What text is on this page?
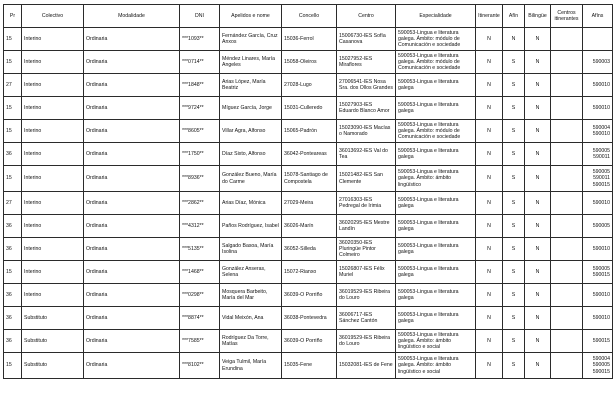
Pr	Colectivo	Modalidade	DNI	Apelidos e nome	Concello	Centro	Especialidade	Itinerante	Afín	Bilingüe	Centros itinerantes	Afíns

15	Interino	Ordinaria	***1093**	Fernández García, Cruz Anxos	15036-Ferrol	15006730-IES Sofía Casanova	590053-Lingua e literatura galega. Ámbito: módulo de Comunicación e sociedade	N	N	N		

15	Interino	Ordinaria	***0714**	Méndez Linares, María Angeles	15058-Oleiros	15027952-IES Miraflores	590053-Lingua e literatura galega. Ámbito: módulo de Comunicación e sociedade	N	S	N		590003

27	Interino	Ordinaria	***1848**	Arias López, María Beatriz	27028-Lugo	27006541-IES Nosa Sra. dos Ollos Grandes	590053-Lingua e literatura galega	N	S	N		590010

15	Interino	Ordinaria	***9724**	Míguez García, Jorge	15031-Culleredo	15027903-IES Eduardo Blanco Amor	590053-Lingua e literatura galega	N	S	N		590010

15	Interino	Ordinaria	***8605**	Villar Agra, Alfonso	15065-Padrón	15023090-IES Macías o Namorado	590053-Lingua e literatura galega. Ámbito: módulo de Comunicación e sociedade	N	S	N		590004
590010

36	Interino	Ordinaria	***1750**	Díaz Sixto, Alfonso	36042-Ponteareas	36013692-IES Val do Tea	590053-Lingua e literatura galega	N	S	N		590005
590011

15	Interino	Ordinaria	***8936**	González Bueno, María do Carme	15078-Santiago de Compostela	15021482-IES San Clemente	590053-Lingua e literatura galega. Ámbito: ámbito lingüístico	N	S	N		590005
590011
590015

27	Interino	Ordinaria	***2862**	Arias Díaz, Mónica	27029-Meira	27016303-IES Pedregal de Irimia	590053-Lingua e literatura galega	N	S	N		590010

36	Interino	Ordinaria	***4312**	Paños Rodríguez, Isabel	36026-Marín	36020295-IES Mestre Landín	590053-Lingua e literatura galega	N	S	N		590005

36	Interino	Ordinaria	***5135**	Salgado Basoa, María Isolina	36052-Silleda	36020350-IES Pluringüe Pintor Colmeiro	590053-Lingua e literatura galega	N	S	N		590010

15	Interino	Ordinaria	***1468**	González Anseras, Selena	15072-Rianxo	15026807-IES Félix Muriel	590053-Lingua e literatura galega	N	S	N		590005
590015

36	Interino	Ordinaria	***0298**	Mosquera Barbeito, María del Mar	36039-O Porriño	36019529-IES Ribeira do Louro	590053-Lingua e literatura galega	N	S	N		590010

36	Substituto	Ordinaria	***8874**	Vidal Meixón, Ana	36038-Pontevedra	36006717-IES Sánchez Cantón	590053-Lingua e literatura galega	N	S	N		590010

36	Substituto	Ordinaria	***7585**	Rodríguez Da Torre, Matías	36039-O Porriño	36019529-IES Ribeira do Louro	590053-Lingua e literatura galega. Ámbito: ámbito lingüístico e social	N	S	N		590015

15	Substituto	Ordinaria	***8102**	Veiga Tulmil, María Erundina	15035-Fene	15032081-IES de Fene	590053-Lingua e literatura galega. Ámbito: ámbito lingüístico e social	N	S	N		590004
590005
590015
